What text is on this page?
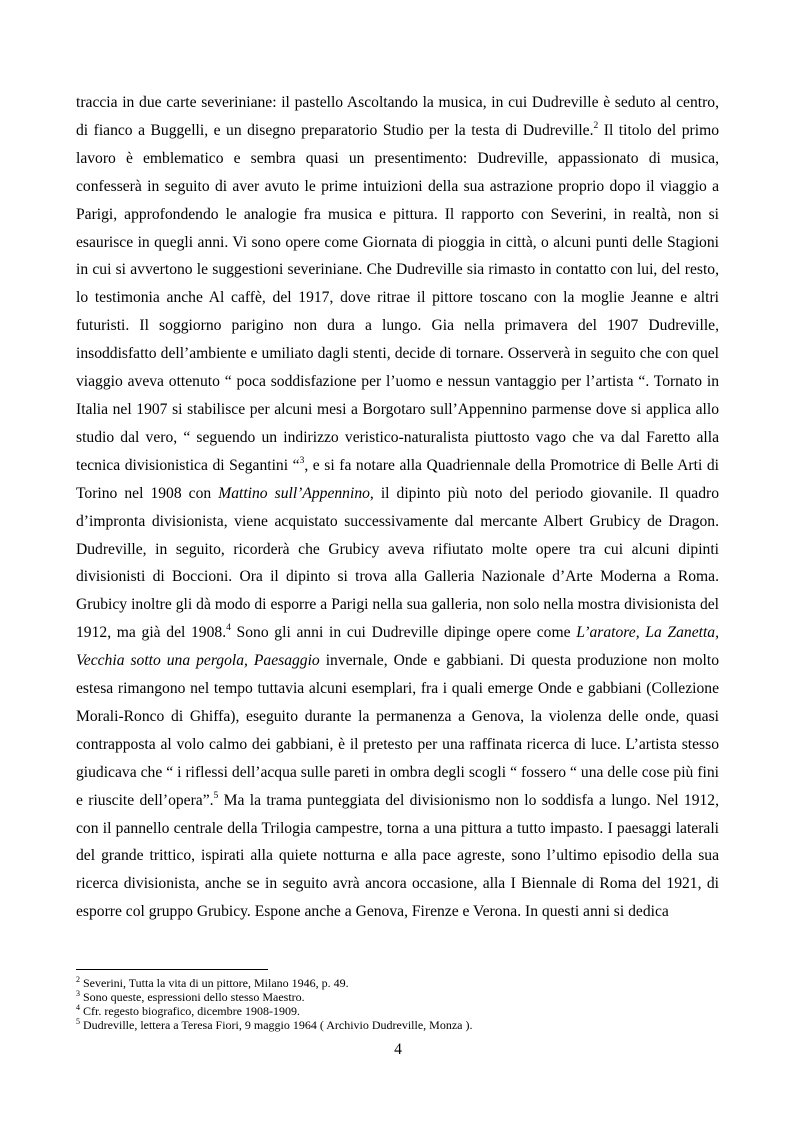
traccia in due carte severiniane: il pastello Ascoltando la musica, in cui Dudreville è seduto al centro, di fianco a Buggelli, e un disegno preparatorio Studio per la testa di Dudreville.$^2$ Il titolo del primo lavoro è emblematico e sembra quasi un presentimento: Dudreville, appassionato di musica, confesserà in seguito di aver avuto le prime intuizioni della sua astrazione proprio dopo il viaggio a Parigi, approfondendo le analogie fra musica e pittura. Il rapporto con Severini, in realtà, non si esaurisce in quegli anni. Vi sono opere come Giornata di pioggia in città, o alcuni punti delle Stagioni in cui si avvertono le suggestioni severiniane. Che Dudreville sia rimasto in contatto con lui, del resto, lo testimonia anche Al caffè, del 1917, dove ritrae il pittore toscano con la moglie Jeanne e altri futuristi. Il soggiorno parigino non dura a lungo. Gia nella primavera del 1907 Dudreville, insoddisfatto dell’ambiente e umiliato dagli stenti, decide di tornare. Osserverà in seguito che con quel viaggio aveva ottenuto “ poca soddisfazione per l’uomo e nessun vantaggio per l’artista “. Tornato in Italia nel 1907 si stabilisce per alcuni mesi a Borgotaro sull’Appennino parmense dove si applica allo studio dal vero, “ seguendo un indirizzo veristico-naturalista piuttosto vago che va dal Faretto alla tecnica divisionistica di Segantini “$^3$, e si fa notare alla Quadriennale della Promotrice di Belle Arti di Torino nel 1908 con Mattino sull’Appennino, il dipinto più noto del periodo giovanile. Il quadro d’impronta divisionista, viene acquistato successivamente dal mercante Albert Grubicy de Dragon. Dudreville, in seguito, ricorderà che Grubicy aveva rifiutato molte opere tra cui alcuni dipinti divisionisti di Boccioni. Ora il dipinto si trova alla Galleria Nazionale d’Arte Moderna a Roma. Grubicy inoltre gli dà modo di esporre a Parigi nella sua galleria, non solo nella mostra divisionista del 1912, ma già del 1908.$^4$ Sono gli anni in cui Dudreville dipinge opere come L’aratore, La Zanetta, Vecchia sotto una pergola, Paesaggio invernale, Onde e gabbiani. Di questa produzione non molto estesa rimangono nel tempo tuttavia alcuni esemplari, fra i quali emerge Onde e gabbiani (Collezione Morali-Ronco di Ghiffa), eseguito durante la permanenza a Genova, la violenza delle onde, quasi contrapposta al volo calmo dei gabbiani, è il pretesto per una raffinata ricerca di luce. L’artista stesso giudicava che “ i riflessi dell’acqua sulle pareti in ombra degli scogli “ fossero “ una delle cose più fini e riuscite dell’opera”.$^5$ Ma la trama punteggiata del divisionismo non lo soddisfa a lungo. Nel 1912, con il pannello centrale della Trilogia campestre, torna a una pittura a tutto impasto. I paesaggi laterali del grande trittico, ispirati alla quiete notturna e alla pace agreste, sono l’ultimo episodio della sua ricerca divisionista, anche se in seguito avrà ancora occasione, alla I Biennale di Roma del 1921, di esporre col gruppo Grubicy. Espone anche a Genova, Firenze e Verona. In questi anni si dedica

$^2$ Severini, Tutta la vita di un pittore, Milano 1946, p. 49.

$^3$ Sono queste, espressioni dello stesso Maestro.

$^4$ Cfr. regesto biografico, dicembre 1908-1909.

$^5$ Dudreville, lettera a Teresa Fiori, 9 maggio 1964 ( Archivio Dudreville, Monza ).

4
